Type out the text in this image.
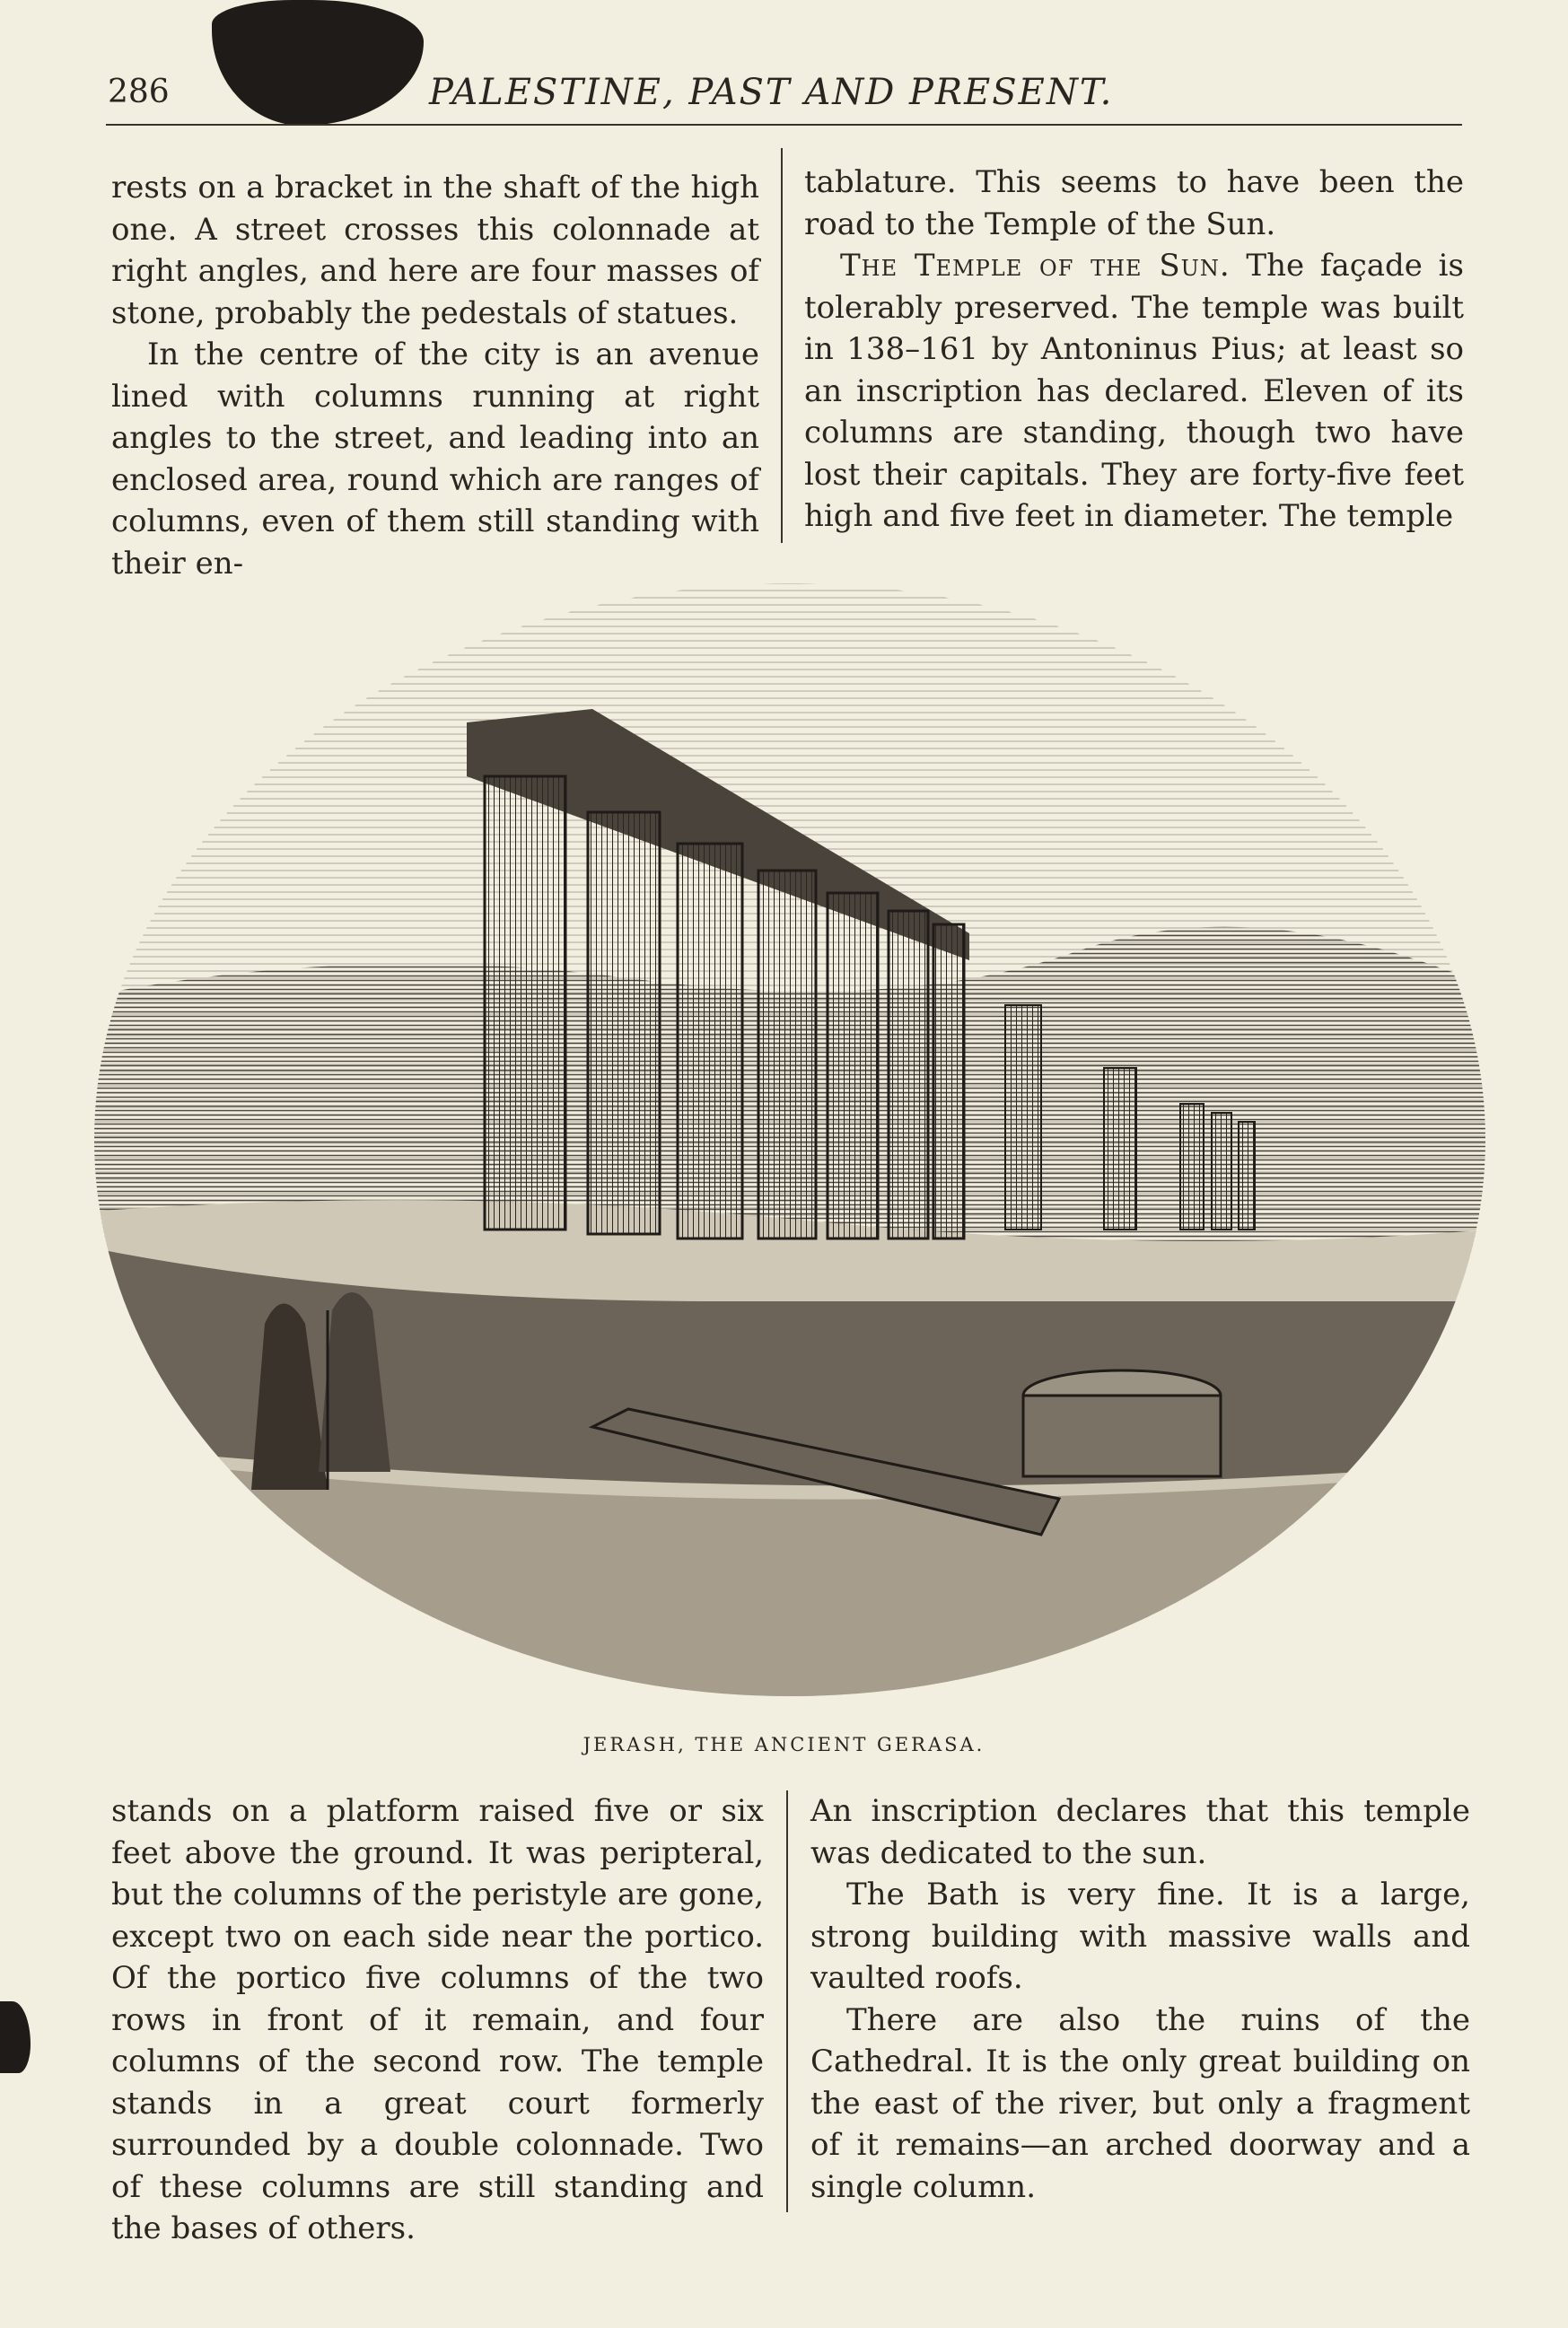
286	PALESTINE, PAST AND PRESENT.

rests on a bracket in the shaft of the high one. A street crosses this colonnade at right angles, and here are four masses of stone, probably the pedestals of statues.

In the centre of the city is an avenue lined with columns running at right angles to the street, and leading into an enclosed area, round which are ranges of columns, even of them still standing with their en-

tablature. This seems to have been the road to the Temple of the Sun.

The Temple of the Sun. The façade is tolerably preserved. The temple was built in 138–161 by Antoninus Pius; at least so an inscription has declared. Eleven of its columns are standing, though two have lost their capitals. They are forty-five feet high and five feet in diameter. The temple

JERASH, THE ANCIENT GERASA.

stands on a platform raised five or six feet above the ground. It was peripteral, but the columns of the peristyle are gone, except two on each side near the portico. Of the portico five columns of the two rows in front of it remain, and four columns of the second row. The temple stands in a great court formerly surrounded by a double colonnade. Two of these columns are still standing and the bases of others.

An inscription declares that this temple was dedicated to the sun.

The Bath is very fine. It is a large, strong building with massive walls and vaulted roofs.

There are also the ruins of the Cathedral. It is the only great building on the east of the river, but only a fragment of it remains—an arched doorway and a single column.
